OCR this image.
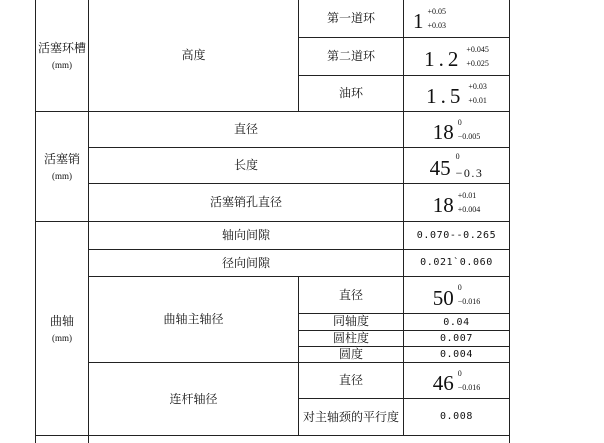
活塞环槽
(mm)
高度
第一道环 1 +0.05
+0.03
第二道环 1.2 +0.045
+0.025
油环	1.5 +0.03
+0.01
活塞销
(mm)
直径	18 0
−0.005
长度	45 0
−0.3
活塞销孔直径	18 +0.01
+0.004
曲轴
(mm)
轴向间隙	0.070--0.265
径向间隙	0.021`0.060
曲轴主轴径
直径	50 0
−0.016
同轴度	0.04
圆柱度	0.007
圆度	0.004
连杆轴径
直径	46 0
−0.016
对主轴颈的平行度	0.008
